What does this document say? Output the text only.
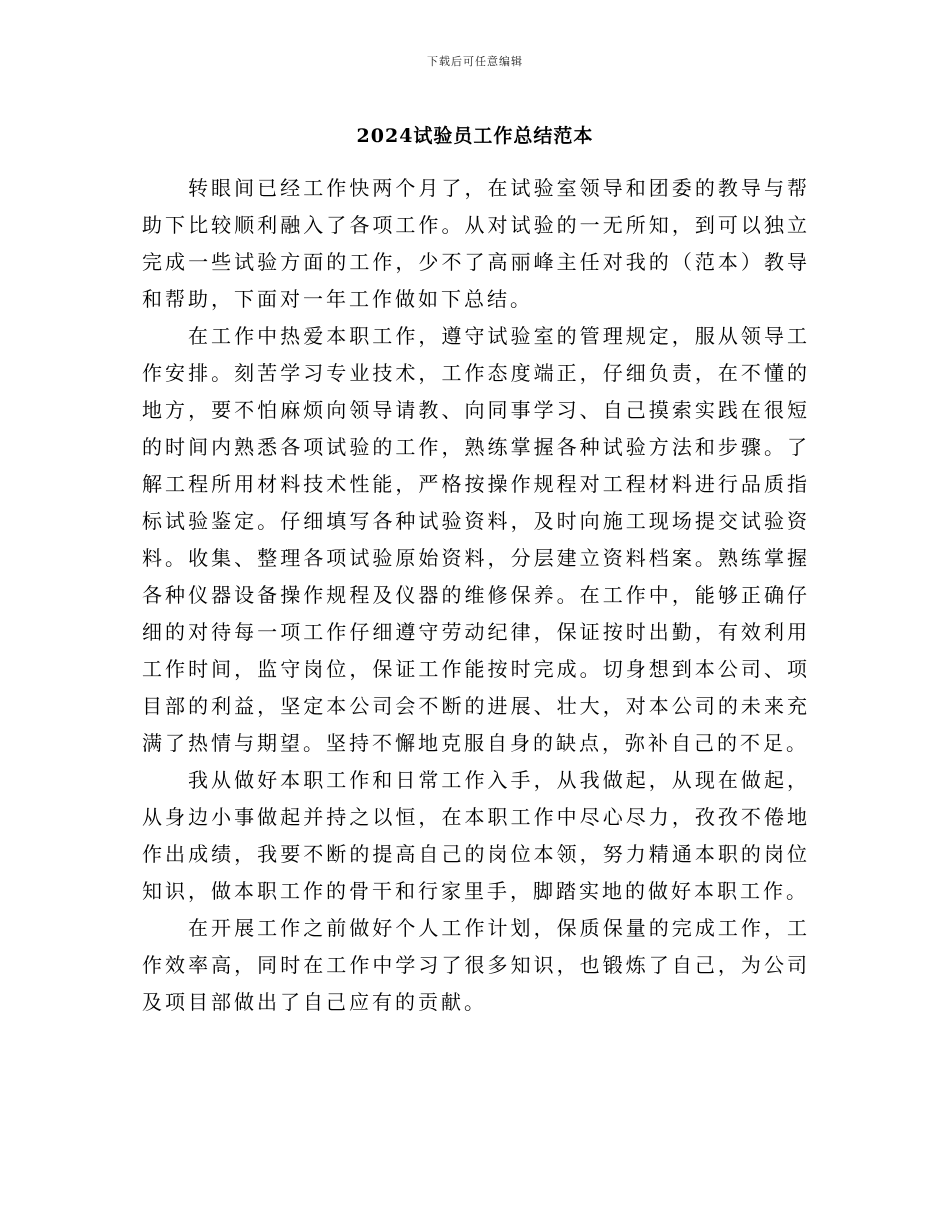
下载后可任意编辑
2024试验员工作总结范本

转眼间已经工作快两个月了，在试验室领导和团委的教导与帮助下比较顺利融入了各项工作。从对试验的一无所知，到可以独立完成一些试验方面的工作，少不了高丽峰主任对我的（范本）教导和帮助，下面对一年工作做如下总结。

在工作中热爱本职工作，遵守试验室的管理规定，服从领导工作安排。刻苦学习专业技术，工作态度端正，仔细负责，在不懂的地方，要不怕麻烦向领导请教、向同事学习、自己摸索实践在很短的时间内熟悉各项试验的工作，熟练掌握各种试验方法和步骤。了解工程所用材料技术性能，严格按操作规程对工程材料进行品质指标试验鉴定。仔细填写各种试验资料，及时向施工现场提交试验资料。收集、整理各项试验原始资料，分层建立资料档案。熟练掌握各种仪器设备操作规程及仪器的维修保养。在工作中，能够正确仔细的对待每一项工作仔细遵守劳动纪律，保证按时出勤，有效利用工作时间，监守岗位，保证工作能按时完成。切身想到本公司、项目部的利益，坚定本公司会不断的进展、壮大，对本公司的未来充满了热情与期望。坚持不懈地克服自身的缺点，弥补自己的不足。

我从做好本职工作和日常工作入手，从我做起，从现在做起，从身边小事做起并持之以恒，在本职工作中尽心尽力，孜孜不倦地作出成绩，我要不断的提高自己的岗位本领，努力精通本职的岗位知识，做本职工作的骨干和行家里手，脚踏实地的做好本职工作。

在开展工作之前做好个人工作计划，保质保量的完成工作，工作效率高，同时在工作中学习了很多知识，也锻炼了自己，为公司及项目部做出了自己应有的贡献。
